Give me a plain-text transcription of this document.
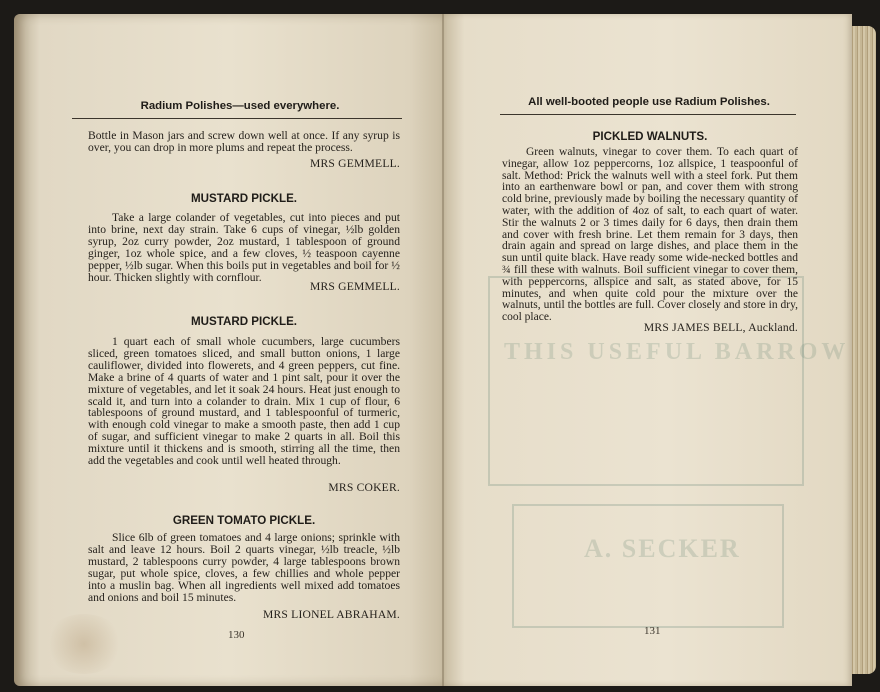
Radium Polishes—used everywhere.

Bottle in Mason jars and screw down well at once. If any syrup is over, you can drop in more plums and repeat the process.

MRS GEMMELL.
MUSTARD PICKLE.

Take a large colander of vegetables, cut into pieces and put into brine, next day strain. Take 6 cups of vinegar, ½lb golden syrup, 2oz curry powder, 2oz mustard, 1 tablespoon of ground ginger, 1oz whole spice, and a few cloves, ½ teaspoon cayenne pepper, ½lb sugar. When this boils put in vegetables and boil for ½ hour. Thicken slightly with cornflour.

MRS GEMMELL.
MUSTARD PICKLE.

1 quart each of small whole cucumbers, large cucumbers sliced, green tomatoes sliced, and small button onions, 1 large cauliflower, divided into flowerets, and 4 green peppers, cut fine. Make a brine of 4 quarts of water and 1 pint salt, pour it over the mixture of vegetables, and let it soak 24 hours. Heat just enough to scald it, and turn into a colander to drain. Mix 1 cup of flour, 6 tablespoons of ground mustard, and 1 tablespoonful of turmeric, with enough cold vinegar to make a smooth paste, then add 1 cup of sugar, and sufficient vinegar to make 2 quarts in all. Boil this mixture until it thickens and is smooth, stirring all the time, then add the vegetables and cook until well heated through.

MRS COKER.
GREEN TOMATO PICKLE.

Slice 6lb of green tomatoes and 4 large onions; sprinkle with salt and leave 12 hours. Boil 2 quarts vinegar, ½lb treacle, ½lb mustard, 2 tablespoons curry powder, 4 large tablespoons brown sugar, put whole spice, cloves, a few chillies and whole pepper into a muslin bag. When all ingredients well mixed add tomatoes and onions and boil 15 minutes.

MRS LIONEL ABRAHAM.
130
THIS USEFUL BARROW
A. SECKER
All well-booted people use Radium Polishes.
PICKLED WALNUTS.

Green walnuts, vinegar to cover them. To each quart of vinegar, allow 1oz peppercorns, 1oz allspice, 1 teaspoonful of salt. Method: Prick the walnuts well with a steel fork. Put them into an earthenware bowl or pan, and cover them with strong cold brine, previously made by boiling the necessary quantity of water, with the addition of 4oz of salt, to each quart of water. Stir the walnuts 2 or 3 times daily for 6 days, then drain them and cover with fresh brine. Let them remain for 3 days, then drain again and spread on large dishes, and place them in the sun until quite black. Have ready some wide-necked bottles and ¾ fill these with walnuts. Boil sufficient vinegar to cover them, with peppercorns, allspice and salt, as stated above, for 15 minutes, and when quite cold pour the mixture over the walnuts, until the bottles are full. Cover closely and store in dry, cool place.

MRS JAMES BELL, Auckland.
131
